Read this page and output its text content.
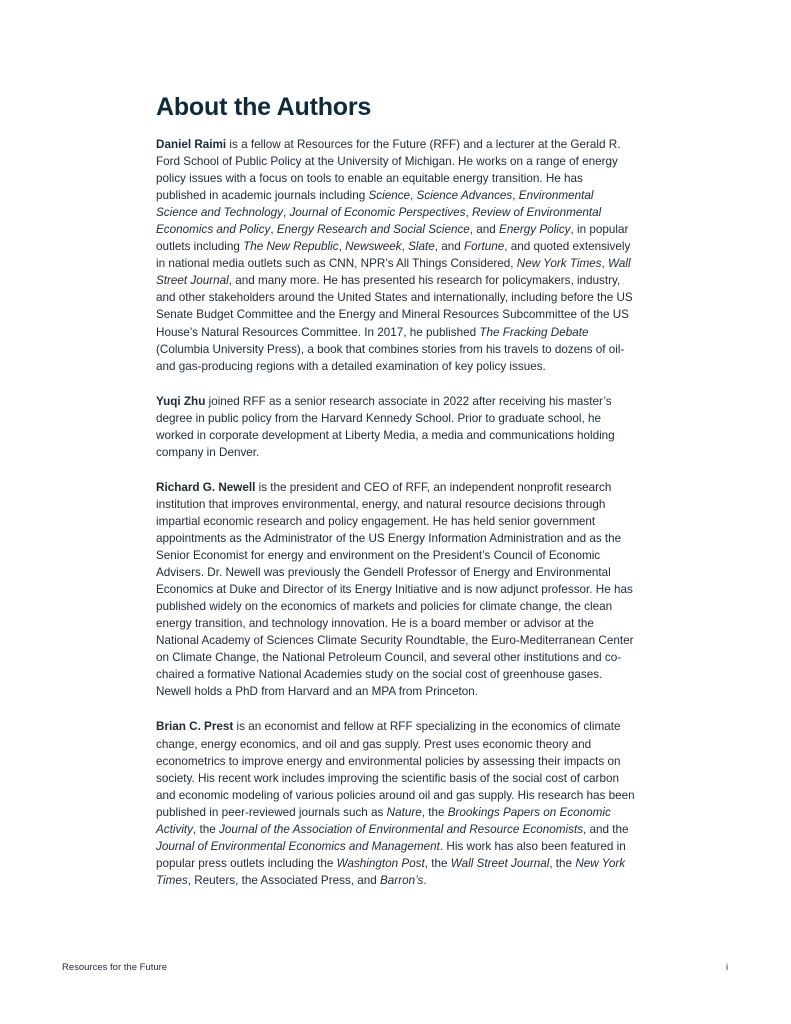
About the Authors

Daniel Raimi is a fellow at Resources for the Future (RFF) and a lecturer at the Gerald R. Ford School of Public Policy at the University of Michigan. He works on a range of energy policy issues with a focus on tools to enable an equitable energy transition. He has published in academic journals including Science, Science Advances, Environmental Science and Technology, Journal of Economic Perspectives, Review of Environmental Economics and Policy, Energy Research and Social Science, and Energy Policy, in popular outlets including The New Republic, Newsweek, Slate, and Fortune, and quoted extensively in national media outlets such as CNN, NPR’s All Things Considered, New York Times, Wall Street Journal, and many more. He has presented his research for policymakers, industry, and other stakeholders around the United States and internationally, including before the US Senate Budget Committee and the Energy and Mineral Resources Subcommittee of the US House’s Natural Resources Committee. In 2017, he published The Fracking Debate (Columbia University Press), a book that combines stories from his travels to dozens of oil- and gas-producing regions with a detailed examination of key policy issues.

Yuqi Zhu joined RFF as a senior research associate in 2022 after receiving his master’s degree in public policy from the Harvard Kennedy School. Prior to graduate school, he worked in corporate development at Liberty Media, a media and communications holding company in Denver.

Richard G. Newell is the president and CEO of RFF, an independent nonprofit research institution that improves environmental, energy, and natural resource decisions through impartial economic research and policy engagement. He has held senior government appointments as the Administrator of the US Energy Information Administration and as the Senior Economist for energy and environment on the President’s Council of Economic Advisers. Dr. Newell was previously the Gendell Professor of Energy and Environmental Economics at Duke and Director of its Energy Initiative and is now adjunct professor. He has published widely on the economics of markets and policies for climate change, the clean energy transition, and technology innovation. He is a board member or advisor at the National Academy of Sciences Climate Security Roundtable, the Euro-Mediterranean Center on Climate Change, the National Petroleum Council, and several other institutions and co-chaired a formative National Academies study on the social cost of greenhouse gases. Newell holds a PhD from Harvard and an MPA from Princeton.

Brian C. Prest is an economist and fellow at RFF specializing in the economics of climate change, energy economics, and oil and gas supply. Prest uses economic theory and econometrics to improve energy and environmental policies by assessing their impacts on society. His recent work includes improving the scientific basis of the social cost of carbon and economic modeling of various policies around oil and gas supply. His research has been published in peer-reviewed journals such as Nature, the Brookings Papers on Economic Activity, the Journal of the Association of Environmental and Resource Economists, and the Journal of Environmental Economics and Management. His work has also been featured in popular press outlets including the Washington Post, the Wall Street Journal, the New York Times, Reuters, the Associated Press, and Barron’s.

Resources for the Future	i
